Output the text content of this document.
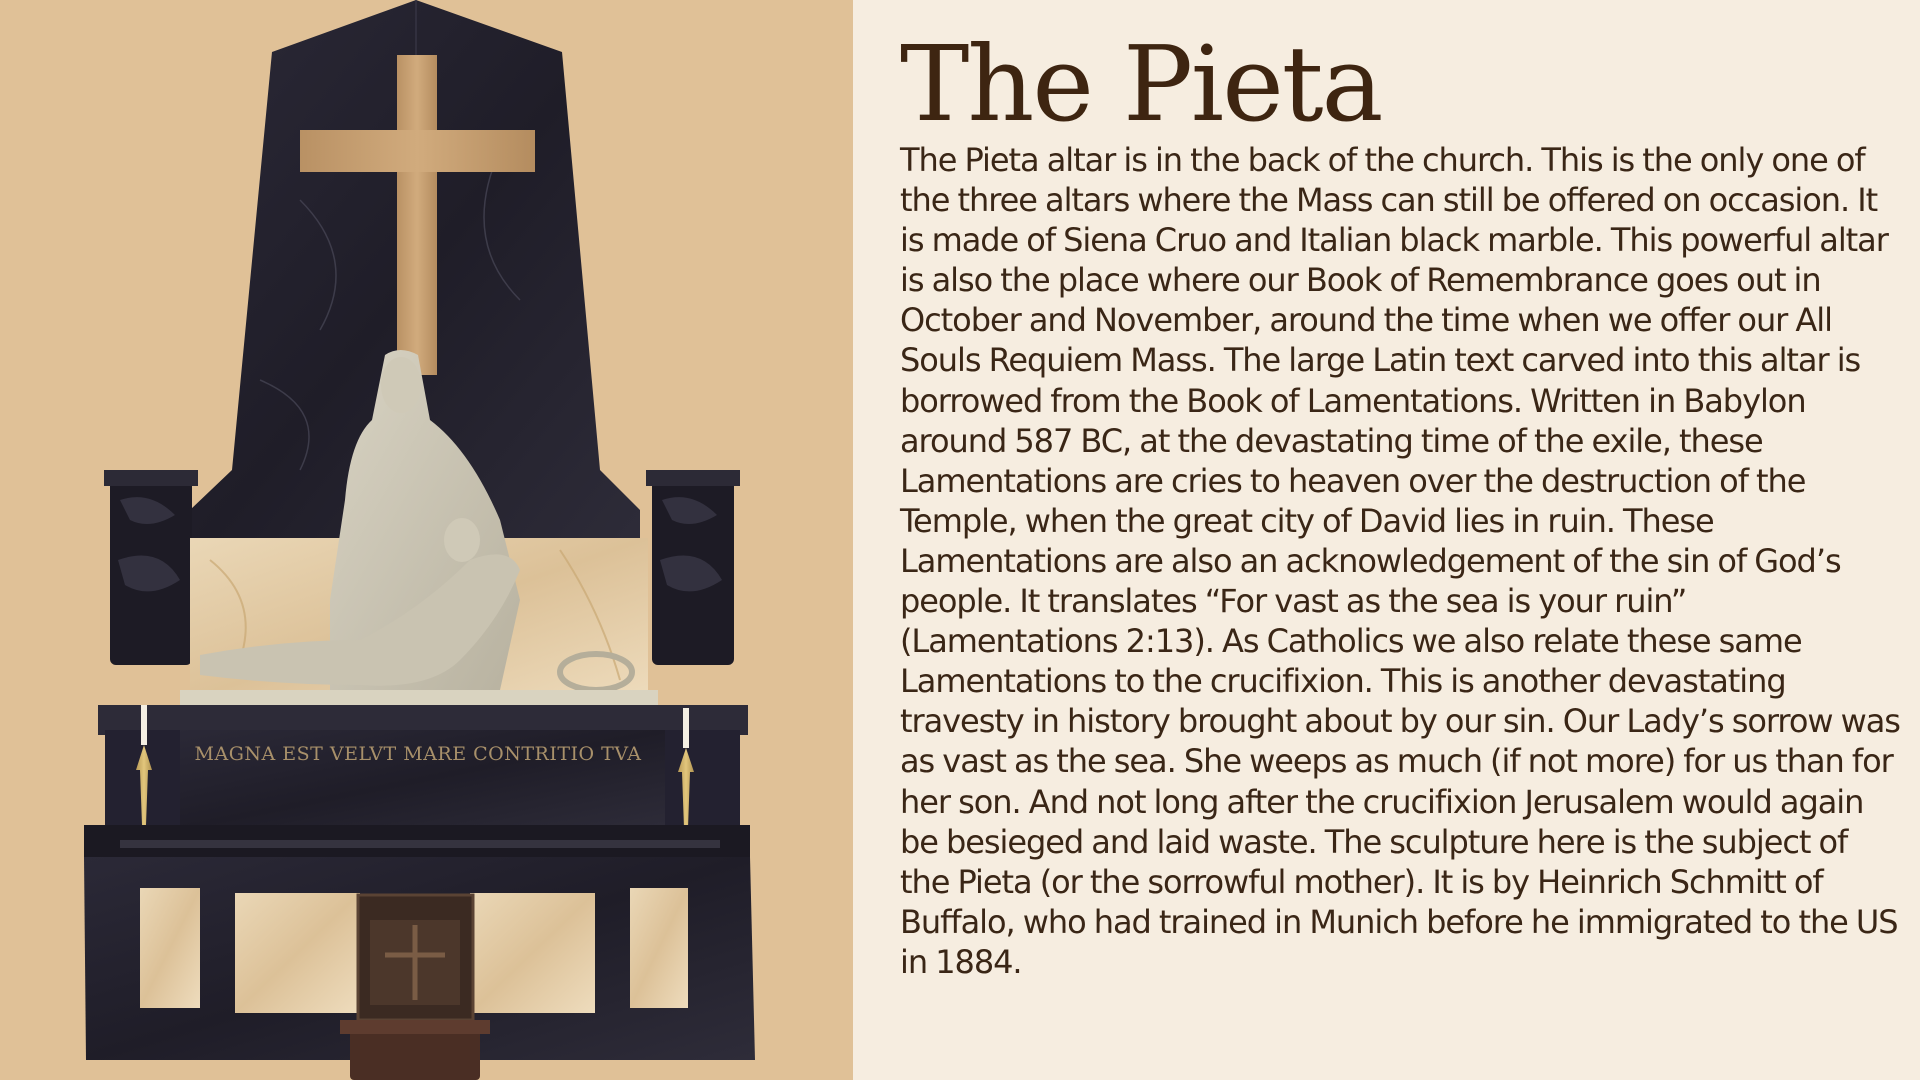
MAGNA EST VELVT MARE CONTRITIO TVA
The Pieta

The Pieta altar is in the back of the church. This is the only one of the three altars where the Mass can still be offered on occasion. It is made of Siena Cruo and Italian black marble. This powerful altar is also the place where our Book of Remembrance goes out in October and November, around the time when we offer our All Souls Requiem Mass. The large Latin text carved into this altar is borrowed from the Book of Lamentations. Written in Babylon around 587 BC, at the devastating time of the exile, these Lamentations are cries to heaven over the destruction of the Temple, when the great city of David lies in ruin. These Lamentations are also an acknowledgement of the sin of God’s people. It translates “For vast as the sea is your ruin” (Lamentations 2:13). As Catholics we also relate these same Lamentations to the crucifixion. This is another devastating travesty in history brought about by our sin. Our Lady’s sorrow was as vast as the sea. She weeps as much (if not more) for us than for her son. And not long after the crucifixion Jerusalem would again be besieged and laid waste. The sculpture here is the subject of the Pieta (or the sorrowful mother). It is by Heinrich Schmitt of Buffalo, who had trained in Munich before he immigrated to the US in 1884.
